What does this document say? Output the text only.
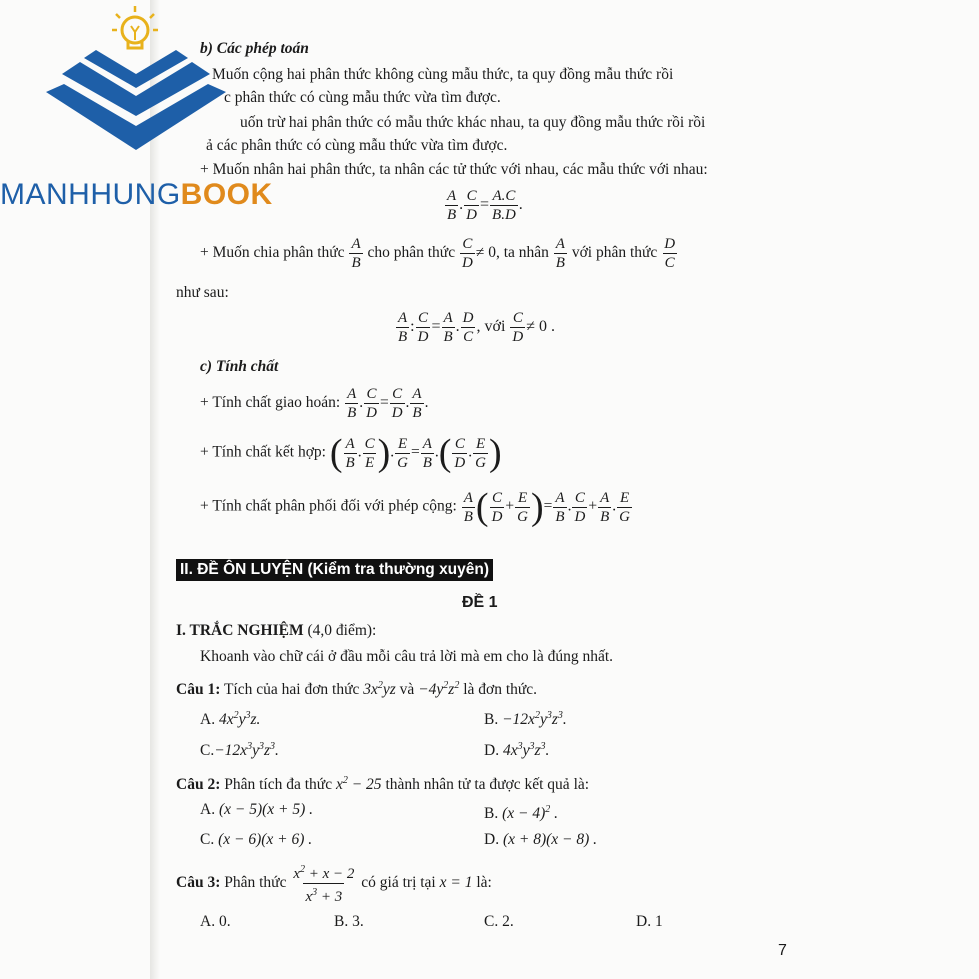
MANHHUNGBOOK
b) Các phép toán
Muốn cộng hai phân thức không cùng mẫu thức, ta quy đồng mẫu thức rồi
c phân thức có cùng mẫu thức vừa tìm được.
uốn trừ hai phân thức có mẫu thức khác nhau, ta quy đồng mẫu thức rồi rồi
ả các phân thức có cùng mẫu thức vừa tìm được.
+ Muốn nhân hai phân thức, ta nhân các tử thức với nhau, các mẫu thức với nhau:
$\frac{A}{B}$ . $\frac{C}{D} = \frac{A.C}{B.D}$ .
+ Muốn chia phân thức $\frac{A}{B}$ cho phân thức $\frac{C}{D} \ne 0$, ta nhân $\frac{A}{B}$ với phân thức $\frac{D}{C}$
như sau:
$\frac{A}{B}$ : $\frac{C}{D} = \frac{A}{B}$ . $\frac{D}{C}$ , với $\frac{C}{D} \ne 0$ .
c) Tính chất
+ Tính chất giao hoán: $\frac{A}{B}$ . $\frac{C}{D} = \frac{C}{D}$ . $\frac{A}{B}$ .
+ Tính chất kết hợp: ( $\frac{A}{B}$ . $\frac{C}{E}$ ). $\frac{E}{G} = \frac{A}{B}$ .( $\frac{C}{D}$ . $\frac{E}{G}$ )
+ Tính chất phân phối đối với phép cộng: $\frac{A}{B}$ ( $\frac{C}{D} + \frac{E}{G}$ )= $\frac{A}{B}$ . $\frac{C}{D} + \frac{A}{B}$ . $\frac{E}{G}$
II. ĐỀ ÔN LUYỆN (Kiểm tra thường xuyên)
ĐỀ 1
I. TRẮC NGHIỆM (4,0 điểm):
Khoanh vào chữ cái ở đầu mỗi câu trả lời mà em cho là đúng nhất.
Câu 1: Tích của hai đơn thức $3x^2yz$ và $-4y^2z^2$ là đơn thức.
A. $4x^2y^3z$.	B. $-12x^2y^3z^3$.
$C.-12x^3y^3z^3$.	D. $4x^3y^3z^3$.
Câu 2: Phân tích đa thức $x^2 - 25$ thành nhân tử ta được kết quả là:
A. (x − 5)(x + 5) .	B. $(x - 4)^2$ .
C. (x − 6)(x + 6) .	D. (x + 8)(x − 8) .
Câu 3: Phân thức $\frac{x^2 + x - 2}{x^3 + 3}$ có giá trị tại x = 1 là:
A. 0.	B. 3.	C. 2.	D. 1
7
